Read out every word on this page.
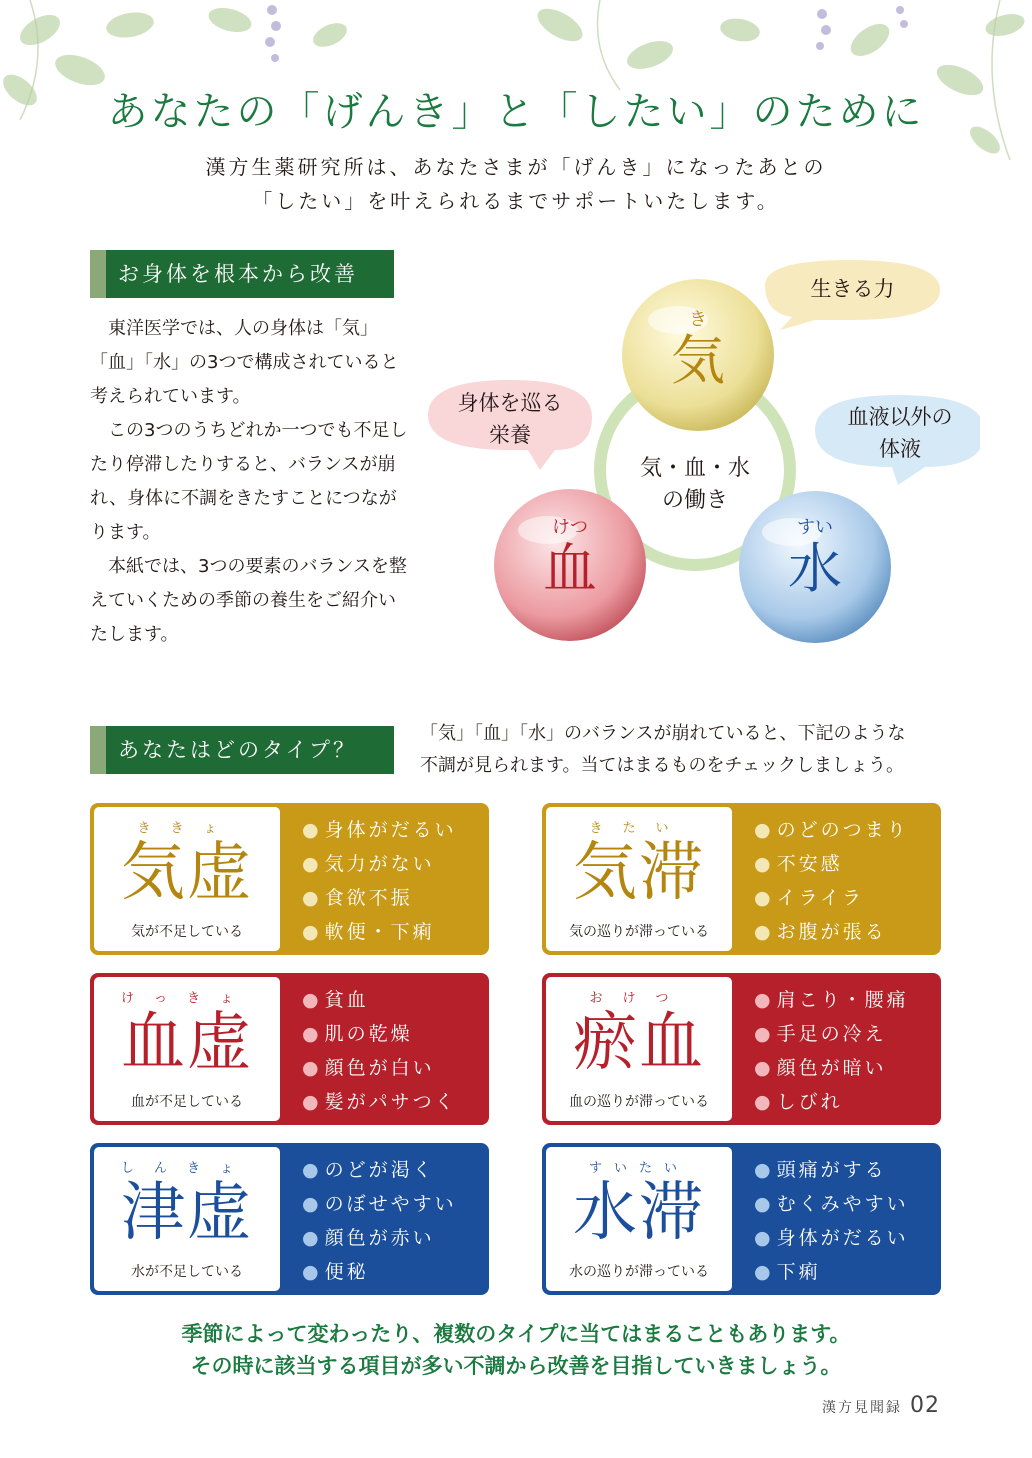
あなたの「げんき」と「したい」のために
漢方生薬研究所は、あなたさまが「げんき」になったあとの
「したい」を叶えられるまでサポートいたします。
お身体を根本から改善

東洋医学では、人の身体は「気」「血」「水」の3つで構成されていると考えられています。

この3つのうちどれか一つでも不足したり停滞したりすると、バランスが崩れ、身体に不調をきたすことにつながります。

本紙では、3つの要素のバランスを整えていくための季節の養生をご紹介いたします。

生きる力
身体を巡る
栄養
血液以外の
体液
気・血・水
の働き
き
気
けつ
血
すい
水
あなたはどのタイプ？
「気」「血」「水」のバランスが崩れていると、下記のような
不調が見られます。当てはまるものをチェックしましょう。
ききょ
気虚
気が不足している
● 身体がだるい
● 気力がない
● 食欲不振
● 軟便・下痢
きたい
気滞
気の巡りが滞っている
● のどのつまり
● 不安感
● イライラ
● お腹が張る
けっきょ
血虚
血が不足している
● 貧血
● 肌の乾燥
● 顔色が白い
● 髪がパサつく
おけつ
瘀血
血の巡りが滞っている
● 肩こり・腰痛
● 手足の冷え
● 顔色が暗い
● しびれ
しんきょ
津虚
水が不足している
● のどが渇く
● のぼせやすい
● 顔色が赤い
● 便秘
すいたい
水滞
水の巡りが滞っている
● 頭痛がする
● むくみやすい
● 身体がだるい
● 下痢
季節によって変わったり、複数のタイプに当てはまることもあります。
その時に該当する項目が多い不調から改善を目指していきましょう。
漢方見聞録 02
